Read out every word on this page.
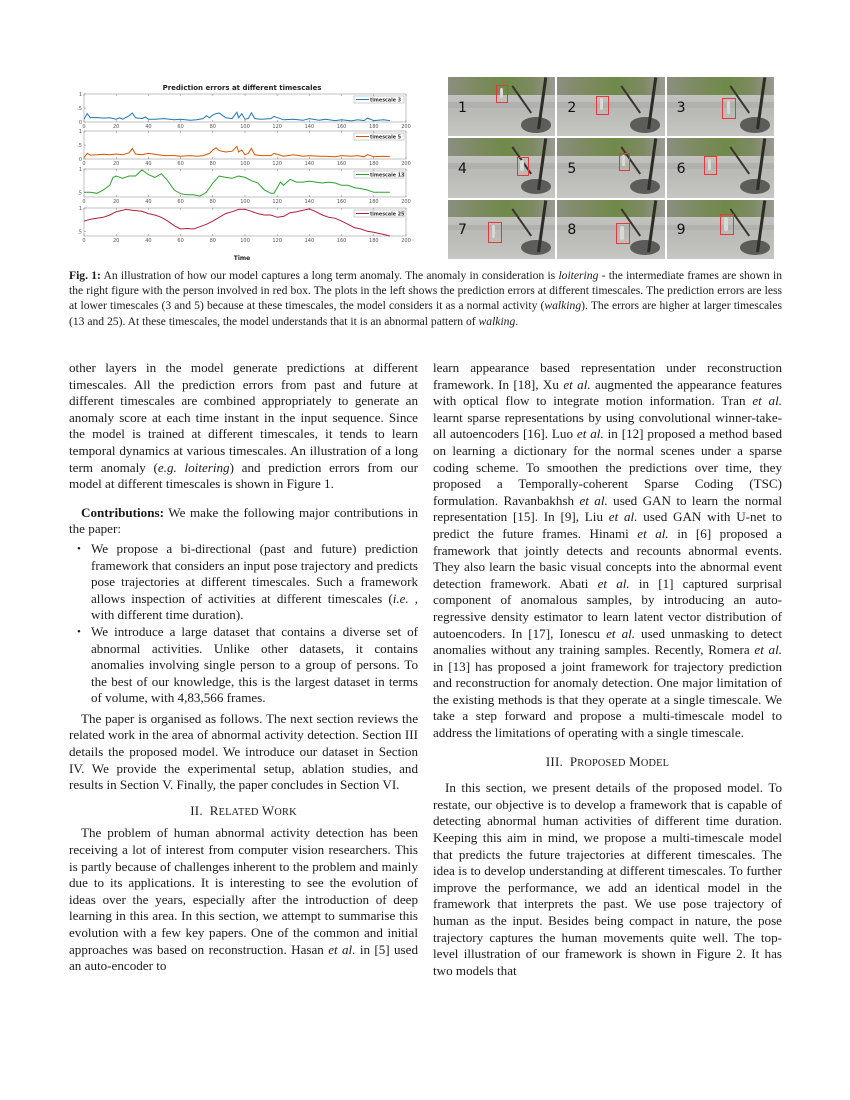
Prediction errors at different timescales
0	20	40	60	80	100	120	140	160	180	200
0
.5
1
timescale 3
0	20	40	60	80	100	120	140	160	180	200
0
.5
1
timescale 5
0	20	40	60	80	100	120	140	160	180	200
.5
1
timescale 13
0	20	40	60	80	100	120	140	160	180	200
.5
1
timescale 25
Time
1	2	3
4	5	6
7	8	9
Fig. 1: An illustration of how our model captures a long term anomaly. The anomaly in consideration is loitering - the intermediate frames are shown in the right figure with the person involved in red box. The plots in the left shows the prediction errors at different timescales. The prediction errors are less at lower timescales (3 and 5) because at these timescales, the model considers it as a normal activity (walking). The errors are higher at larger timescales (13 and 25). At these timescales, the model understands that it is an abnormal pattern of walking.

other layers in the model generate predictions at different timescales. All the prediction errors from past and future at different timescales are combined appropriately to generate an anomaly score at each time instant in the input sequence. Since the model is trained at different timescales, it tends to learn temporal dynamics at various timescales. An illustration of a long term anomaly (e.g. loitering) and prediction errors from our model at different timescales is shown in Figure 1.

Contributions: We make the following major contributions in the paper:

• We propose a bi-directional (past and future) prediction framework that considers an input pose trajectory and predicts pose trajectories at different timescales. Such a framework allows inspection of activities at different timescales (i.e. , with different time duration).
• We introduce a large dataset that contains a diverse set of abnormal activities. Unlike other datasets, it contains anomalies involving single person to a group of persons. To the best of our knowledge, this is the largest dataset in terms of volume, with 4,83,566 frames.

The paper is organised as follows. The next section reviews the related work in the area of abnormal activity detection. Section III details the proposed model. We introduce our dataset in Section IV. We provide the experimental setup, ablation studies, and results in Section V. Finally, the paper concludes in Section VI.

II. RELATED WORK

The problem of human abnormal activity detection has been receiving a lot of interest from computer vision researchers. This is partly because of challenges inherent to the problem and mainly due to its applications. It is interesting to see the evolution of ideas over the years, especially after the introduction of deep learning in this area. In this section, we attempt to summarise this evolution with a few key papers. One of the common and initial approaches was based on reconstruction. Hasan et al. in [5] used an auto-encoder to

learn appearance based representation under reconstruction framework. In [18], Xu et al. augmented the appearance features with optical flow to integrate motion information. Tran et al. learnt sparse representations by using convolutional winner-take-all autoencoders [16]. Luo et al. in [12] proposed a method based on learning a dictionary for the normal scenes under a sparse coding scheme. To smoothen the predictions over time, they proposed a Temporally-coherent Sparse Coding (TSC) formulation. Ravanbakhsh et al. used GAN to learn the normal representation [15]. In [9], Liu et al. used GAN with U-net to predict the future frames. Hinami et al. in [6] proposed a framework that jointly detects and recounts abnormal events. They also learn the basic visual concepts into the abnormal event detection framework. Abati et al. in [1] captured surprisal component of anomalous samples, by introducing an auto-regressive density estimator to learn latent vector distribution of autoencoders. In [17], Ionescu et al. used unmasking to detect anomalies without any training samples. Recently, Romera et al. in [13] has proposed a joint framework for trajectory prediction and reconstruction for anomaly detection. One major limitation of the existing methods is that they operate at a single timescale. We take a step forward and propose a multi-timescale model to address the limitations of operating with a single timescale.

III. PROPOSED MODEL

In this section, we present details of the proposed model. To restate, our objective is to develop a framework that is capable of detecting abnormal human activities of different time duration. Keeping this aim in mind, we propose a multi-timescale model that predicts the future trajectories at different timescales. The idea is to develop understanding at different timescales. To further improve the performance, we add an identical model in the framework that interprets the past. We use pose trajectory of human as the input. Besides being compact in nature, the pose trajectory captures the human movements quite well. The top-level illustration of our framework is shown in Figure 2. It has two models that
